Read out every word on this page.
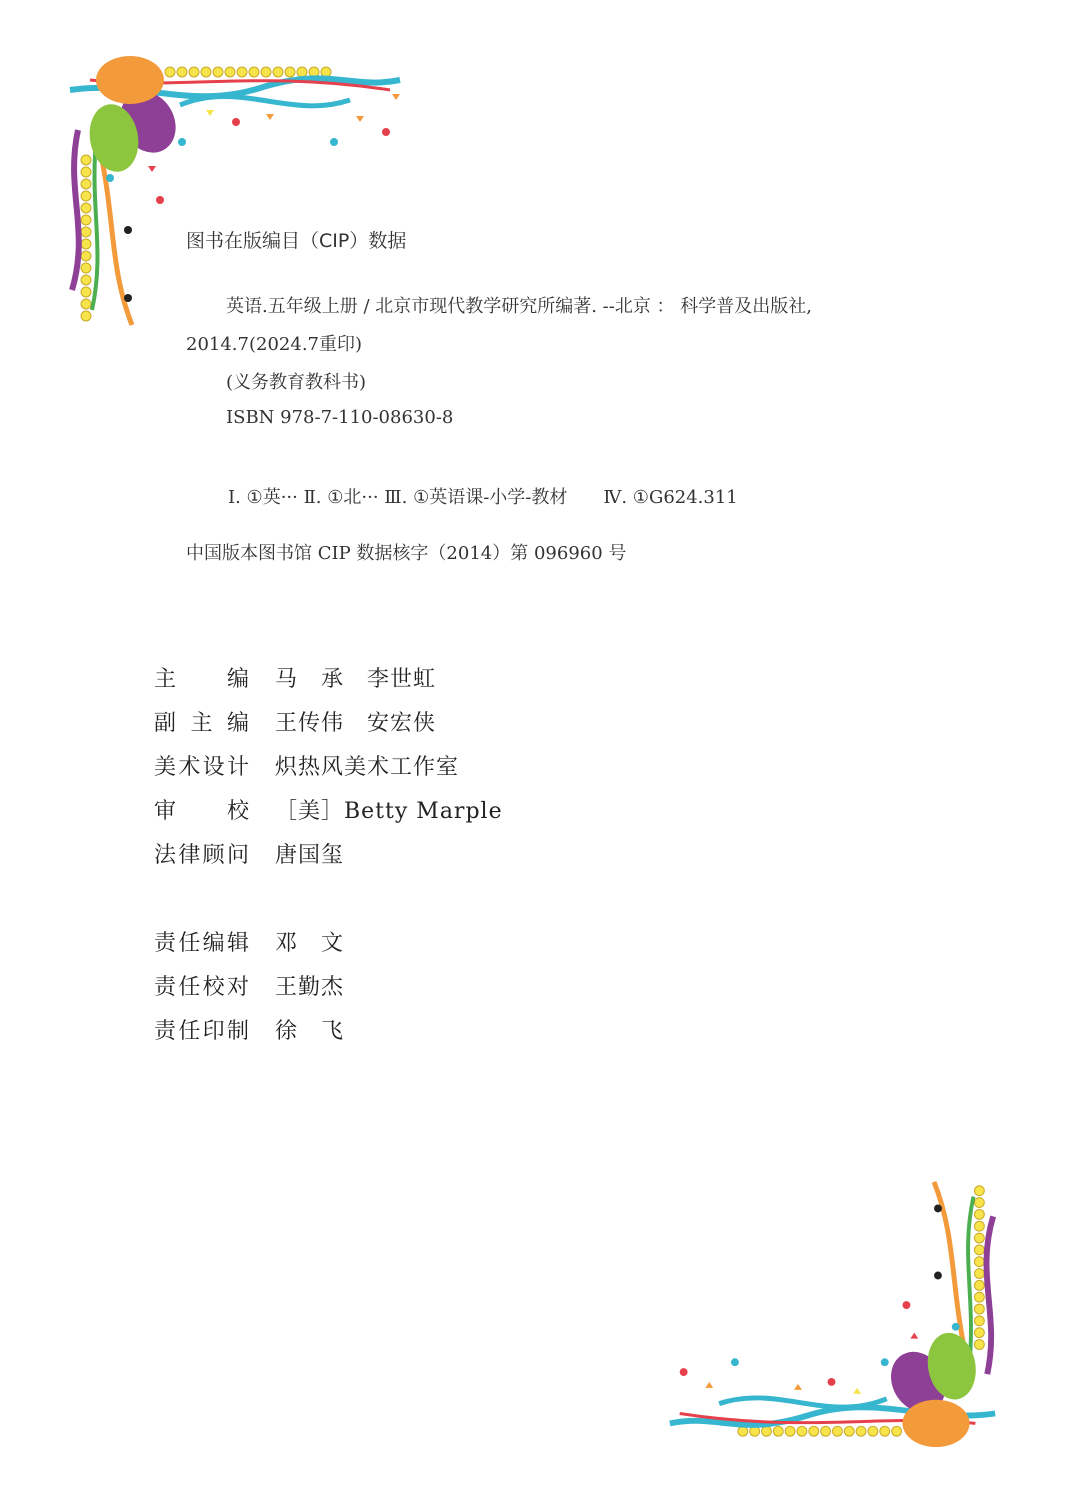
图书在版编目（CIP）数据
英语.五年级上册 / 北京市现代教学研究所编著. --北京 ： 科学普及出版社,
2014.7(2024.7重印)
(义务教育教科书)
ISBN 978-7-110-08630-8
Ⅰ. ①英··· Ⅱ. ①北··· Ⅲ. ①英语课-小学-教材　　Ⅳ. ①G624.311
中国版本图书馆 CIP 数据核字（2014）第 096960 号
主 编 马　承　李世虹
副 主 编 王传伟　安宏侠
美 术 设 计 炽热风美术工作室
审 校 ［美］Betty Marple
法 律 顾 问 唐国玺
责 任 编 辑 邓　文
责 任 校 对 王勤杰
责 任 印 制 徐　飞
